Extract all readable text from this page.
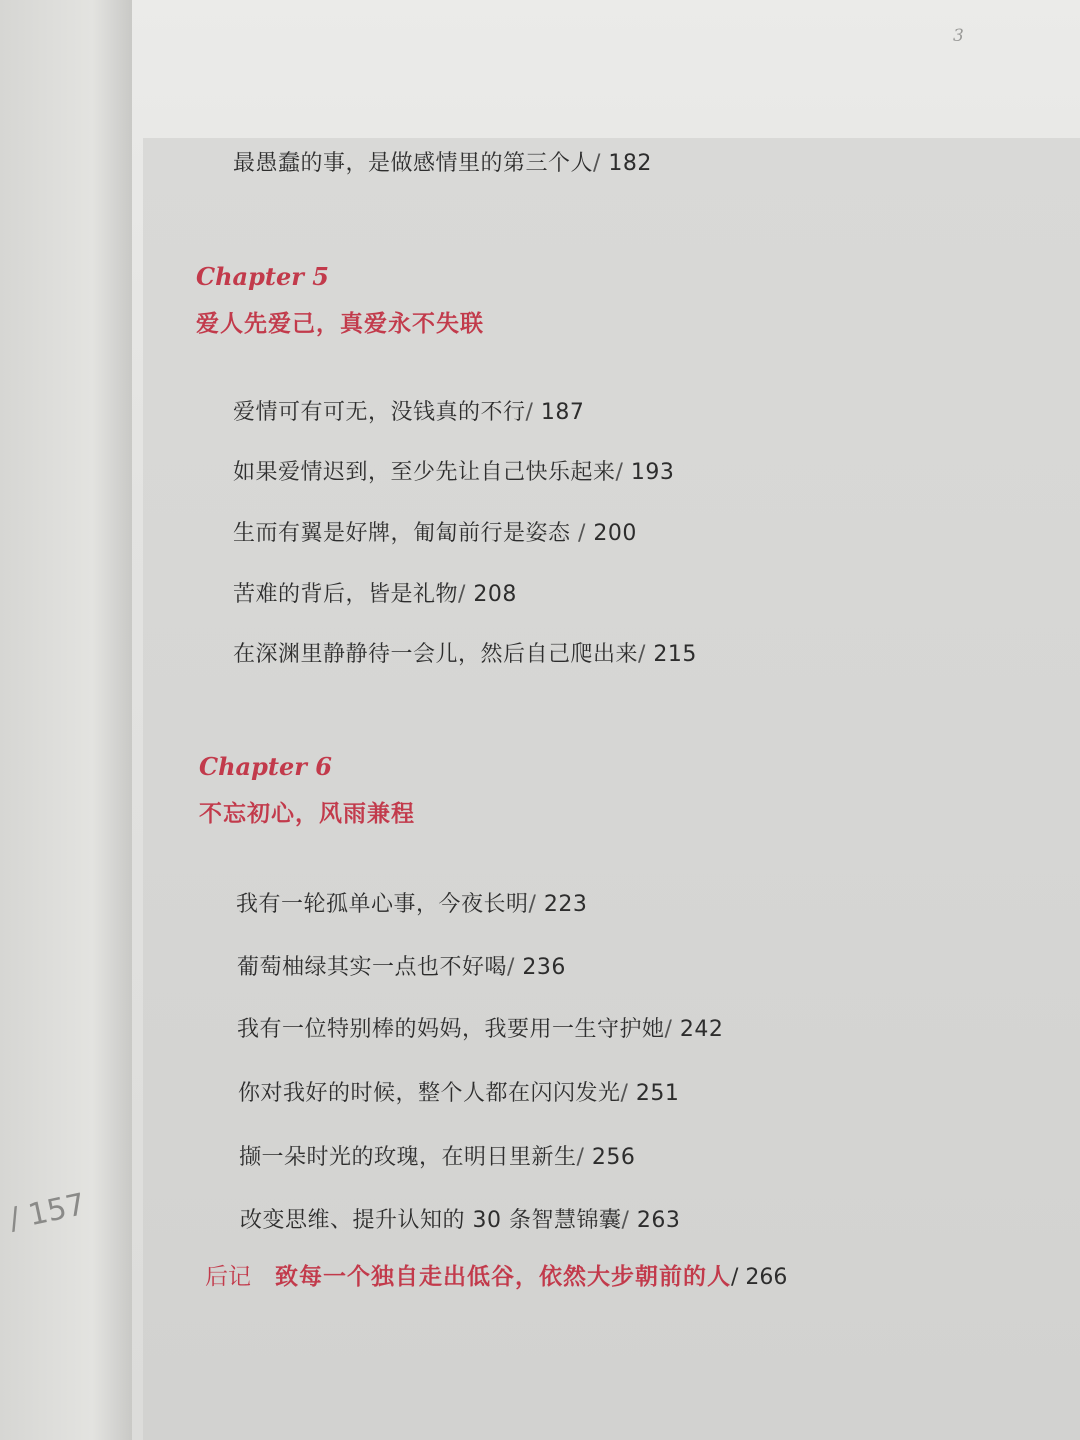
/ 157
3
最愚蠢的事，是做感情里的第三个人/ 182
Chapter 5
爱人先爱己，真爱永不失联
爱情可有可无，没钱真的不行/ 187
如果爱情迟到，至少先让自己快乐起来/ 193
生而有翼是好牌，匍匐前行是姿态 / 200
苦难的背后，皆是礼物/ 208
在深渊里静静待一会儿，然后自己爬出来/ 215
Chapter 6
不忘初心，风雨兼程
我有一轮孤单心事，今夜长明/ 223
葡萄柚绿其实一点也不好喝/ 236
我有一位特别棒的妈妈，我要用一生守护她/ 242
你对我好的时候，整个人都在闪闪发光/ 251
撷一朵时光的玫瑰，在明日里新生/ 256
改变思维、提升认知的 30 条智慧锦囊/ 263
后记 致每一个独自走出低谷，依然大步朝前的人/ 266
